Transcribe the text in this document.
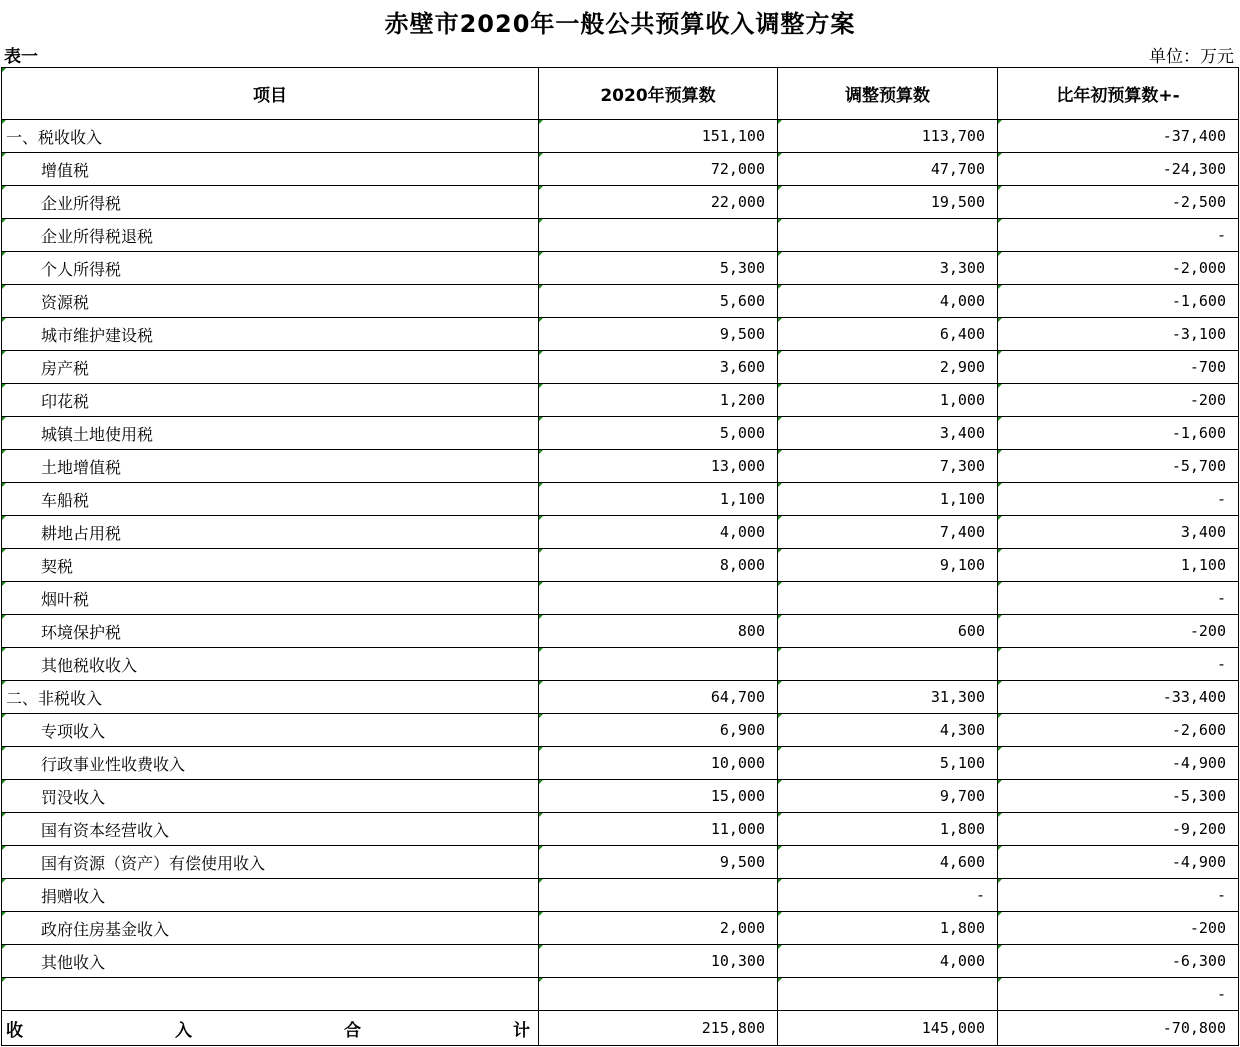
赤壁市2020年一般公共预算收入调整方案
表一	单位：万元
项目	2020年预算数	调整预算数	比年初预算数+-
一、税收收入	151,100	113,700	-37,400
增值税	72,000	47,700	-24,300
企业所得税	22,000	19,500	-2,500
企业所得税退税			-
个人所得税	5,300	3,300	-2,000
资源税	5,600	4,000	-1,600
城市维护建设税	9,500	6,400	-3,100
房产税	3,600	2,900	-700
印花税	1,200	1,000	-200
城镇土地使用税	5,000	3,400	-1,600
土地增值税	13,000	7,300	-5,700
车船税	1,100	1,100	-
耕地占用税	4,000	7,400	3,400
契税	8,000	9,100	1,100
烟叶税			-
环境保护税	800	600	-200
其他税收收入			-
二、非税收入	64,700	31,300	-33,400
专项收入	6,900	4,300	-2,600
行政事业性收费收入	10,000	5,100	-4,900
罚没收入	15,000	9,700	-5,300
国有资本经营收入	11,000	1,800	-9,200
国有资源（资产）有偿使用收入	9,500	4,600	-4,900
捐赠收入		-	-
政府住房基金收入	2,000	1,800	-200
其他收入	10,300	4,000	-6,300
			-

收 入 合 计	215,800	145,000	-70,800
